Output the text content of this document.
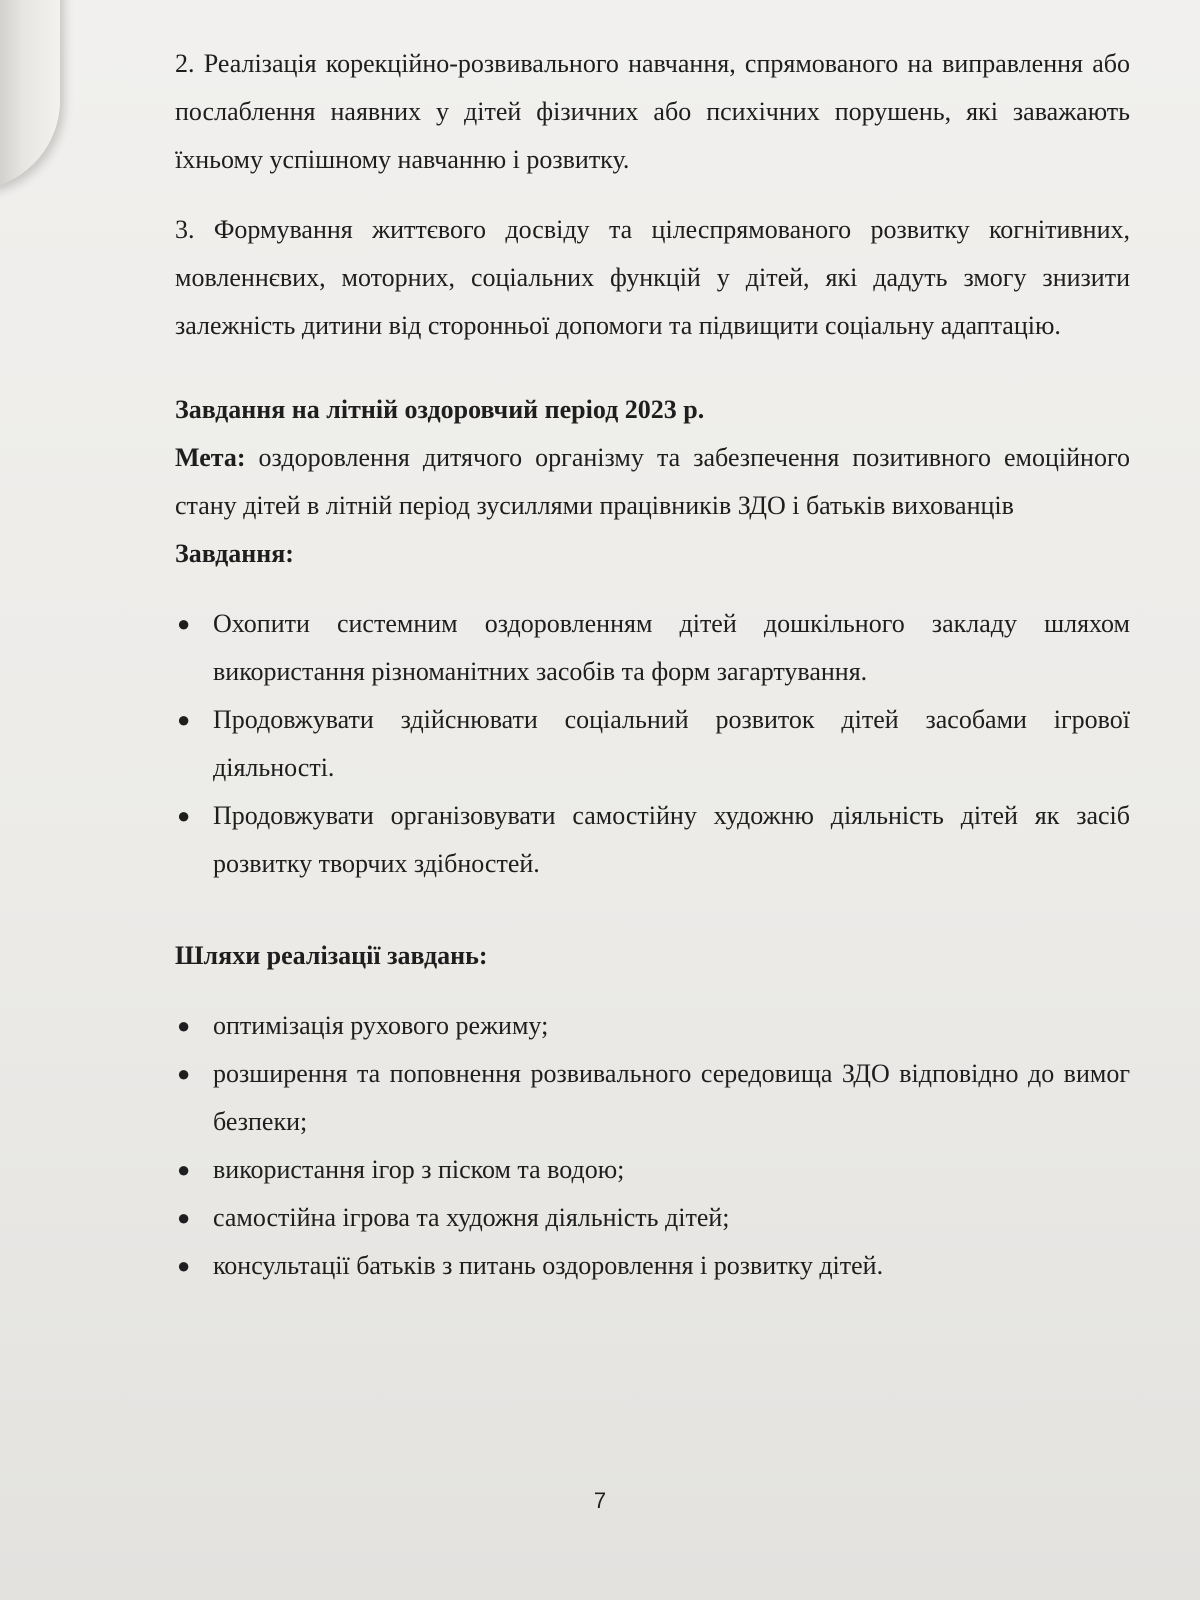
2. Реалізація корекційно-розвивального навчання, спрямованого на виправлення або послаблення наявних у дітей фізичних або психічних порушень, які заважають їхньому успішному навчанню і розвитку.

3. Формування життєвого досвіду та цілеспрямованого розвитку когнітивних, мовленнєвих, моторних, соціальних функцій у дітей, які дадуть змогу знизити залежність дитини від сторонньої допомоги та підвищити соціальну адаптацію.

Завдання на літній оздоровчий період 2023 р.

Мета: оздоровлення дитячого організму та забезпечення позитивного емоційного стану дітей в літній період зусиллями працівників ЗДО і батьків вихованців

Завдання:

● Охопити системним оздоровленням дітей дошкільного закладу шляхом використання різноманітних засобів та форм загартування.
● Продовжувати здійснювати соціальний розвиток дітей засобами ігрової діяльності.
● Продовжувати організовувати самостійну художню діяльність дітей як засіб розвитку творчих здібностей.

Шляхи реалізації завдань:

● оптимізація рухового режиму;
● розширення та поповнення розвивального середовища ЗДО відповідно до вимог безпеки;
● використання ігор з піском та водою;
● самостійна ігрова та художня діяльність дітей;
● консультації батьків з питань оздоровлення і розвитку дітей.
7
